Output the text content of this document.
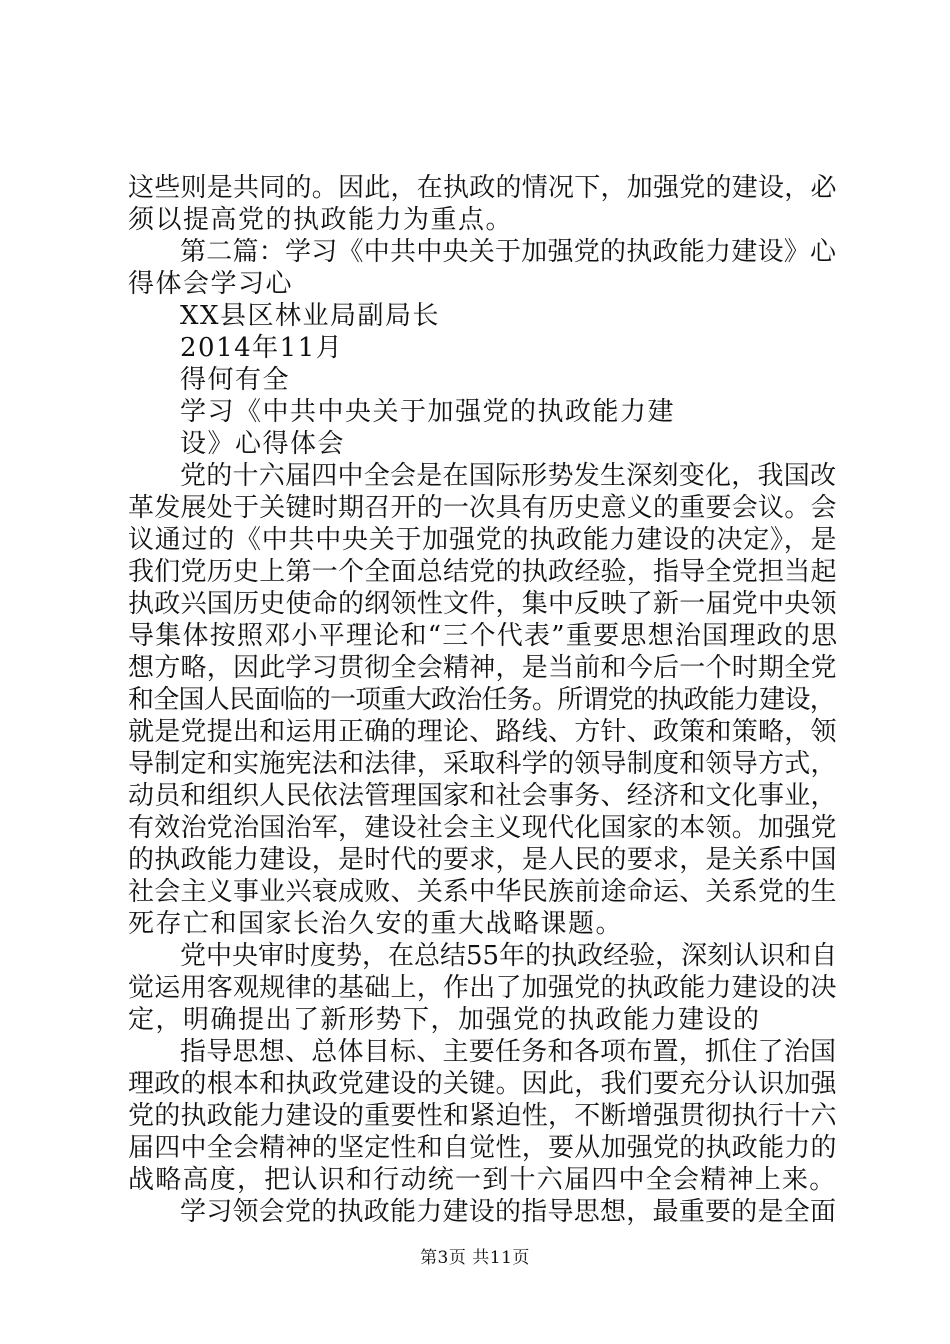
这些则是共同的。因此，在执政的情况下，加强党的建设，必
须以提高党的执政能力为重点。
第二篇：学习《中共中央关于加强党的执政能力建设》心
得体会学习心
XX县区林业局副局长
2014年11月
得何有全
学习《中共中央关于加强党的执政能力建
设》心得体会
党的十六届四中全会是在国际形势发生深刻变化，我国改
革发展处于关键时期召开的一次具有历史意义的重要会议。会
议通过的《中共中央关于加强党的执政能力建设的决定》，是
我们党历史上第一个全面总结党的执政经验，指导全党担当起
执政兴国历史使命的纲领性文件，集中反映了新一届党中央领
导集体按照邓小平理论和“三个代表”重要思想治国理政的思
想方略，因此学习贯彻全会精神，是当前和今后一个时期全党
和全国人民面临的一项重大政治任务。所谓党的执政能力建设，
就是党提出和运用正确的理论、路线、方针、政策和策略，领
导制定和实施宪法和法律，采取科学的领导制度和领导方式，
动员和组织人民依法管理国家和社会事务、经济和文化事业，
有效治党治国治军，建设社会主义现代化国家的本领。加强党
的执政能力建设，是时代的要求，是人民的要求，是关系中国
社会主义事业兴衰成败、关系中华民族前途命运、关系党的生
死存亡和国家长治久安的重大战略课题。
党中央审时度势，在总结55年的执政经验，深刻认识和自
觉运用客观规律的基础上，作出了加强党的执政能力建设的决
定，明确提出了新形势下，加强党的执政能力建设的
指导思想、总体目标、主要任务和各项布置，抓住了治国
理政的根本和执政党建设的关键。因此，我们要充分认识加强
党的执政能力建设的重要性和紧迫性，不断增强贯彻执行十六
届四中全会精神的坚定性和自觉性，要从加强党的执政能力的
战略高度，把认识和行动统一到十六届四中全会精神上来。
学习领会党的执政能力建设的指导思想，最重要的是全面
第3页 共11页
